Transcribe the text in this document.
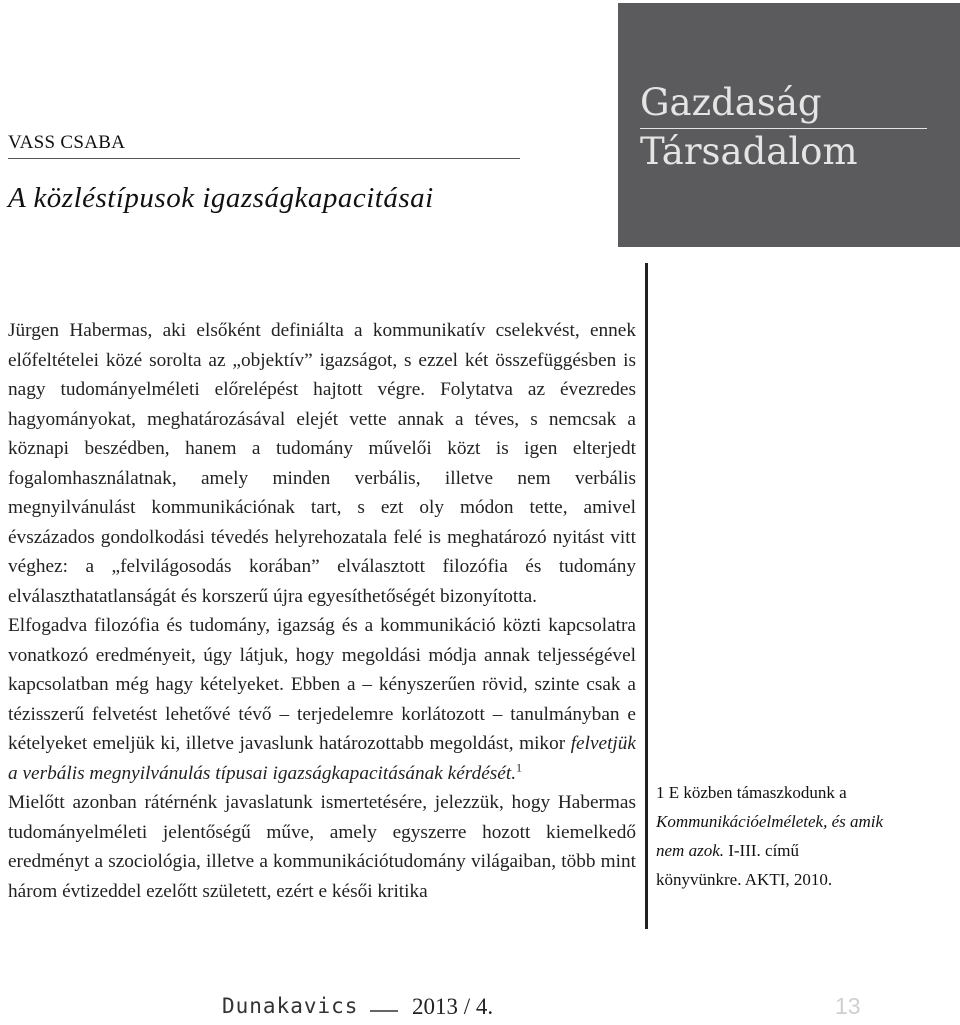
VASS CSABA
A közléstípusok igazságkapacitásai
Gazdaság
Társadalom

Jürgen Habermas, aki elsőként definiálta a kommunikatív cselekvést, ennek előfeltételei közé sorolta az „objektív” igazságot, s ezzel két összefüggésben is nagy tudományelméleti előrelépést hajtott végre. Folytatva az évezredes hagyományokat, meghatározásával elejét vette annak a téves, s nemcsak a köznapi beszédben, hanem a tudomány művelői közt is igen elterjedt fogalomhasználatnak, amely minden verbális, illetve nem verbális megnyilvánulást kommunikációnak tart, s ezt oly módon tette, amivel évszázados gondolkodási tévedés helyrehozatala felé is meghatározó nyitást vitt véghez: a „felvilágosodás korában” elválasztott filozófia és tudomány elválaszthatatlanságát és korszerű újra egyesíthetőségét bizonyította.

Elfogadva filozófia és tudomány, igazság és a kommunikáció közti kapcsolatra vonatkozó eredményeit, úgy látjuk, hogy megoldási módja annak teljességével kapcsolatban még hagy kételyeket. Ebben a – kényszerűen rövid, szinte csak a tézisszerű felvetést lehetővé tévő – terjedelemre korlátozott – tanulmányban e kételyeket emeljük ki, illetve javaslunk határozottabb megoldást, mikor felvetjük a verbális megnyilvánulás típusai igazságkapacitásának kérdését.$^1$

Mielőtt azonban rátérnénk javaslatunk ismertetésére, jelezzük, hogy Habermas tudományelméleti jelentőségű műve, amely egyszerre hozott kiemelkedő eredményt a szociológia, illetve a kommunikációtudomány világaiban, több mint három évtizeddel ezelőtt született, ezért e késői kritika

1 E közben támaszkodunk a Kommunikációelméletek, és amik nem azok. I-III. című könyvünkre. AKTI, 2010.
Dunakavics 2013 / 4.	13
